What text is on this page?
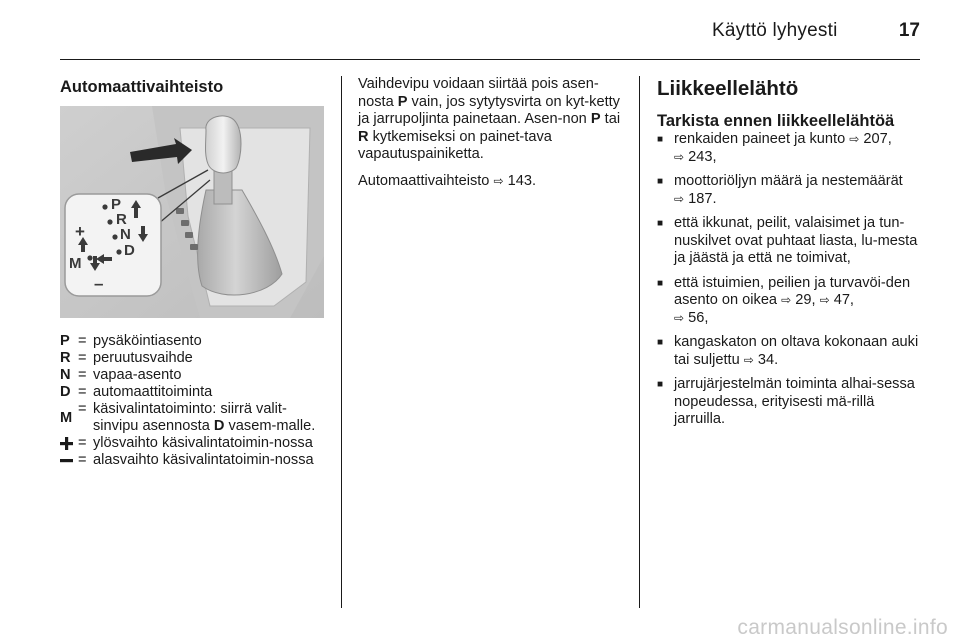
Käyttö lyhyesti	17
Automaattivaihteisto
P
R
N
D
M
+
–
P = pysäköintiasento
R = peruutusvaihde
N = vapaa-asento
D = automaattitoiminta
M
= käsivalintatoiminto: siirrä valit-sinvipu asennosta D vasem-malle.
= ylösvaihto käsivalintatoimin-nossa
= alasvaihto käsivalintatoimin-nossa

Vaihdevipu voidaan siirtää pois asen-nosta P vain, jos sytytysvirta on kyt-ketty ja jarrupoljinta painetaan. Asen-non P tai R kytkemiseksi on painet-tava vapautuspainiketta.

Automaattivaihteisto ⇨ 143.

Liikkeellelähtö
Tarkista ennen liikkeellelähtöä
■ renkaiden paineet ja kunto ⇨ 207,
⇨ 243,
■ moottoriöljyn määrä ja nestemäärät
⇨ 187.
■ että ikkunat, peilit, valaisimet ja tun-nuskilvet ovat puhtaat liasta, lu-mesta ja jäästä ja että ne toimivat,
■ että istuimien, peilien ja turvavöi-den asento on oikea ⇨ 29, ⇨ 47,
⇨ 56,
■ kangaskaton on oltava kokonaan auki tai suljettu ⇨ 34.
■ jarrujärjestelmän toiminta alhai-sessa nopeudessa, erityisesti mä-rillä jarruilla.
carmanualsonline.info
